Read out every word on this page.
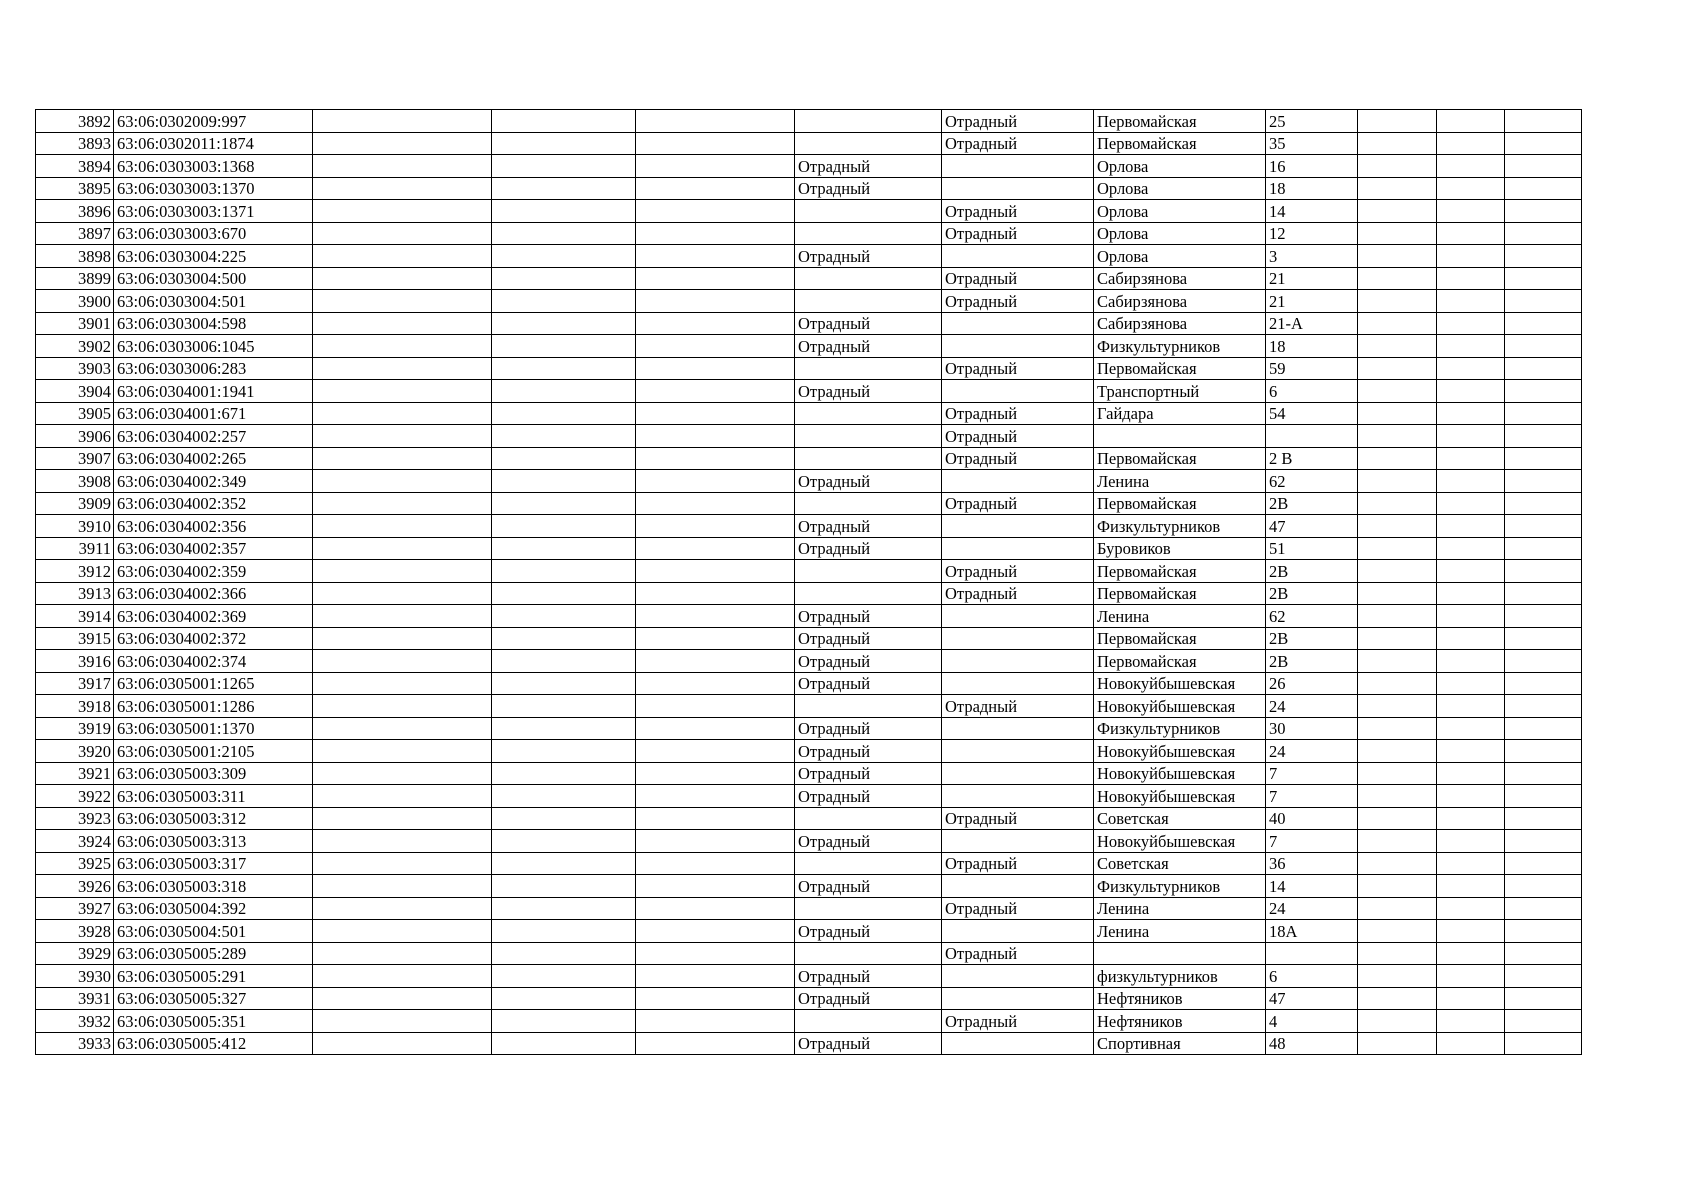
3892	63:06:0302009:997					Отрадный	Первомайская	25			
3893	63:06:0302011:1874					Отрадный	Первомайская	35			
3894	63:06:0303003:1368				Отрадный		Орлова	16			
3895	63:06:0303003:1370				Отрадный		Орлова	18			
3896	63:06:0303003:1371					Отрадный	Орлова	14			
3897	63:06:0303003:670					Отрадный	Орлова	12			
3898	63:06:0303004:225				Отрадный		Орлова	3			
3899	63:06:0303004:500					Отрадный	Сабирзянова	21			
3900	63:06:0303004:501					Отрадный	Сабирзянова	21			
3901	63:06:0303004:598				Отрадный		Сабирзянова	21-А			
3902	63:06:0303006:1045				Отрадный		Физкультурников	18			
3903	63:06:0303006:283					Отрадный	Первомайская	59			
3904	63:06:0304001:1941				Отрадный		Транспортный	6			
3905	63:06:0304001:671					Отрадный	Гайдара	54			
3906	63:06:0304002:257					Отрадный					
3907	63:06:0304002:265					Отрадный	Первомайская	2 В			
3908	63:06:0304002:349				Отрадный		Ленина	62			
3909	63:06:0304002:352					Отрадный	Первомайская	2В			
3910	63:06:0304002:356				Отрадный		Физкультурников	47			
3911	63:06:0304002:357				Отрадный		Буровиков	51			
3912	63:06:0304002:359					Отрадный	Первомайская	2В			
3913	63:06:0304002:366					Отрадный	Первомайская	2В			
3914	63:06:0304002:369				Отрадный		Ленина	62			
3915	63:06:0304002:372				Отрадный		Первомайская	2В			
3916	63:06:0304002:374				Отрадный		Первомайская	2В			
3917	63:06:0305001:1265				Отрадный		Новокуйбышевская	26			
3918	63:06:0305001:1286					Отрадный	Новокуйбышевская	24			
3919	63:06:0305001:1370				Отрадный		Физкультурников	30			
3920	63:06:0305001:2105				Отрадный		Новокуйбышевская	24			
3921	63:06:0305003:309				Отрадный		Новокуйбышевская	7			
3922	63:06:0305003:311				Отрадный		Новокуйбышевская	7			
3923	63:06:0305003:312					Отрадный	Советская	40			
3924	63:06:0305003:313				Отрадный		Новокуйбышевская	7			
3925	63:06:0305003:317					Отрадный	Советская	36			
3926	63:06:0305003:318				Отрадный		Физкультурников	14			
3927	63:06:0305004:392					Отрадный	Ленина	24			
3928	63:06:0305004:501				Отрадный		Ленина	18А			
3929	63:06:0305005:289					Отрадный					
3930	63:06:0305005:291				Отрадный		физкультурников	6			
3931	63:06:0305005:327				Отрадный		Нефтяников	47			
3932	63:06:0305005:351					Отрадный	Нефтяников	4			
3933	63:06:0305005:412				Отрадный		Спортивная	48			
